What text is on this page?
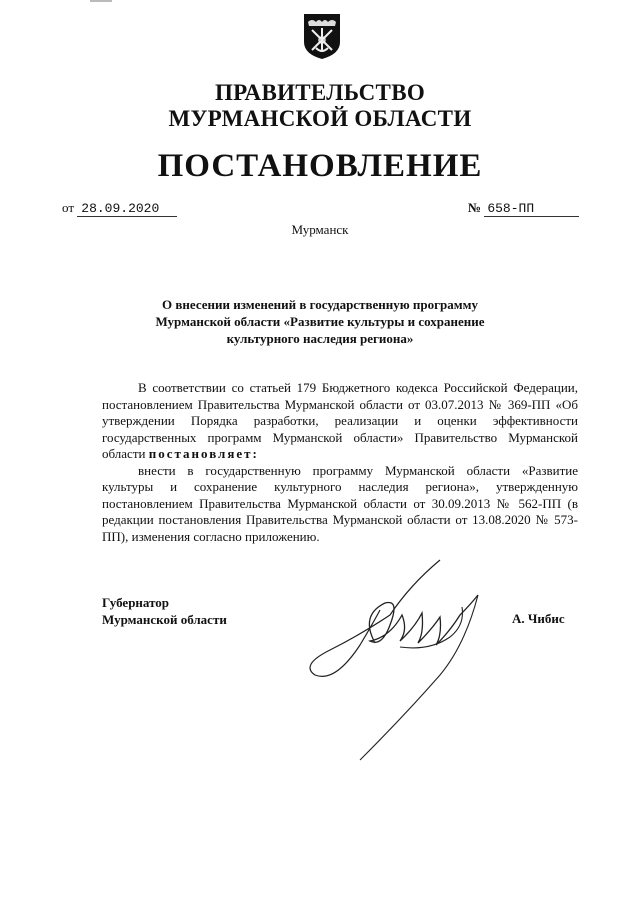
ПРАВИТЕЛЬСТВО
МУРМАНСКОЙ ОБЛАСТИ
ПОСТАНОВЛЕНИЕ
от 28.09.2020	№ 658-ПП
Мурманск
О внесении изменений в государственную программу
Мурманской области «Развитие культуры и сохранение
культурного наследия региона»

В соответствии со статьей 179 Бюджетного кодекса Российской Федерации, постановлением Правительства Мурманской области от 03.07.2013 № 369-ПП «Об утверждении Порядка разработки, реализации и оценки эффективности государственных программ Мурманской области» Правительство Мурманской области постановляет:

внести в государственную программу Мурманской области «Развитие культуры и сохранение культурного наследия региона», утвержденную постановлением Правительства Мурманской области от 30.09.2013 № 562-ПП (в редакции постановления Правительства Мурманской области от 13.08.2020 № 573-ПП), изменения согласно приложению.

Губернатор
Мурманской области	А. Чибис
